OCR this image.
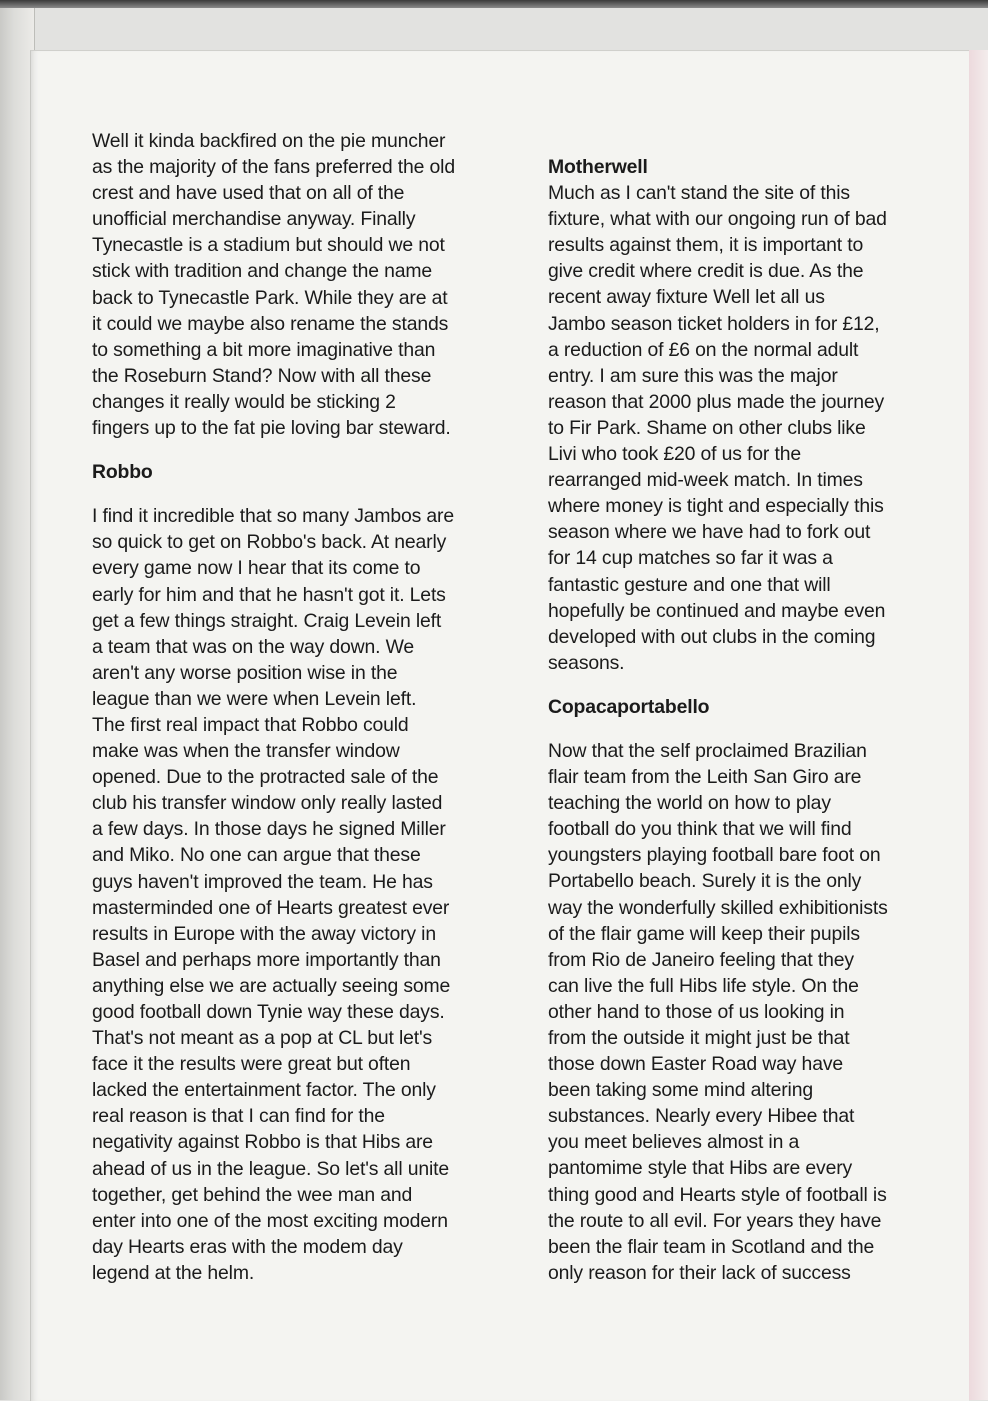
Well it kinda backfired on the pie muncher
as the majority of the fans preferred the old
crest and have used that on all of the
unofficial merchandise anyway. Finally
Tynecastle is a stadium but should we not
stick with tradition and change the name
back to Tynecastle Park. While they are at
it could we maybe also rename the stands
to something a bit more imaginative than
the Roseburn Stand? Now with all these
changes it really would be sticking 2
fingers up to the fat pie loving bar steward.
Robbo
I find it incredible that so many Jambos are
so quick to get on Robbo's back. At nearly
every game now I hear that its come to
early for him and that he hasn't got it. Lets
get a few things straight. Craig Levein left
a team that was on the way down. We
aren't any worse position wise in the
league than we were when Levein left.
The first real impact that Robbo could
make was when the transfer window
opened. Due to the protracted sale of the
club his transfer window only really lasted
a few days. In those days he signed Miller
and Miko. No one can argue that these
guys haven't improved the team. He has
masterminded one of Hearts greatest ever
results in Europe with the away victory in
Basel and perhaps more importantly than
anything else we are actually seeing some
good football down Tynie way these days.
That's not meant as a pop at CL but let's
face it the results were great but often
lacked the entertainment factor. The only
real reason is that I can find for the
negativity against Robbo is that Hibs are
ahead of us in the league. So let's all unite
together, get behind the wee man and
enter into one of the most exciting modern
day Hearts eras with the modem day
legend at the helm.
Motherwell
Much as I can't stand the site of this
fixture, what with our ongoing run of bad
results against them, it is important to
give credit where credit is due. As the
recent away fixture Well let all us
Jambo season ticket holders in for £12,
a reduction of £6 on the normal adult
entry. I am sure this was the major
reason that 2000 plus made the journey
to Fir Park. Shame on other clubs like
Livi who took £20 of us for the
rearranged mid-week match. In times
where money is tight and especially this
season where we have had to fork out
for 14 cup matches so far it was a
fantastic gesture and one that will
hopefully be continued and maybe even
developed with out clubs in the coming
seasons.
Copacaportabello
Now that the self proclaimed Brazilian
flair team from the Leith San Giro are
teaching the world on how to play
football do you think that we will find
youngsters playing football bare foot on
Portabello beach. Surely it is the only
way the wonderfully skilled exhibitionists
of the flair game will keep their pupils
from Rio de Janeiro feeling that they
can live the full Hibs life style. On the
other hand to those of us looking in
from the outside it might just be that
those down Easter Road way have
been taking some mind altering
substances. Nearly every Hibee that
you meet believes almost in a
pantomime style that Hibs are every
thing good and Hearts style of football is
the route to all evil. For years they have
been the flair team in Scotland and the
only reason for their lack of success
